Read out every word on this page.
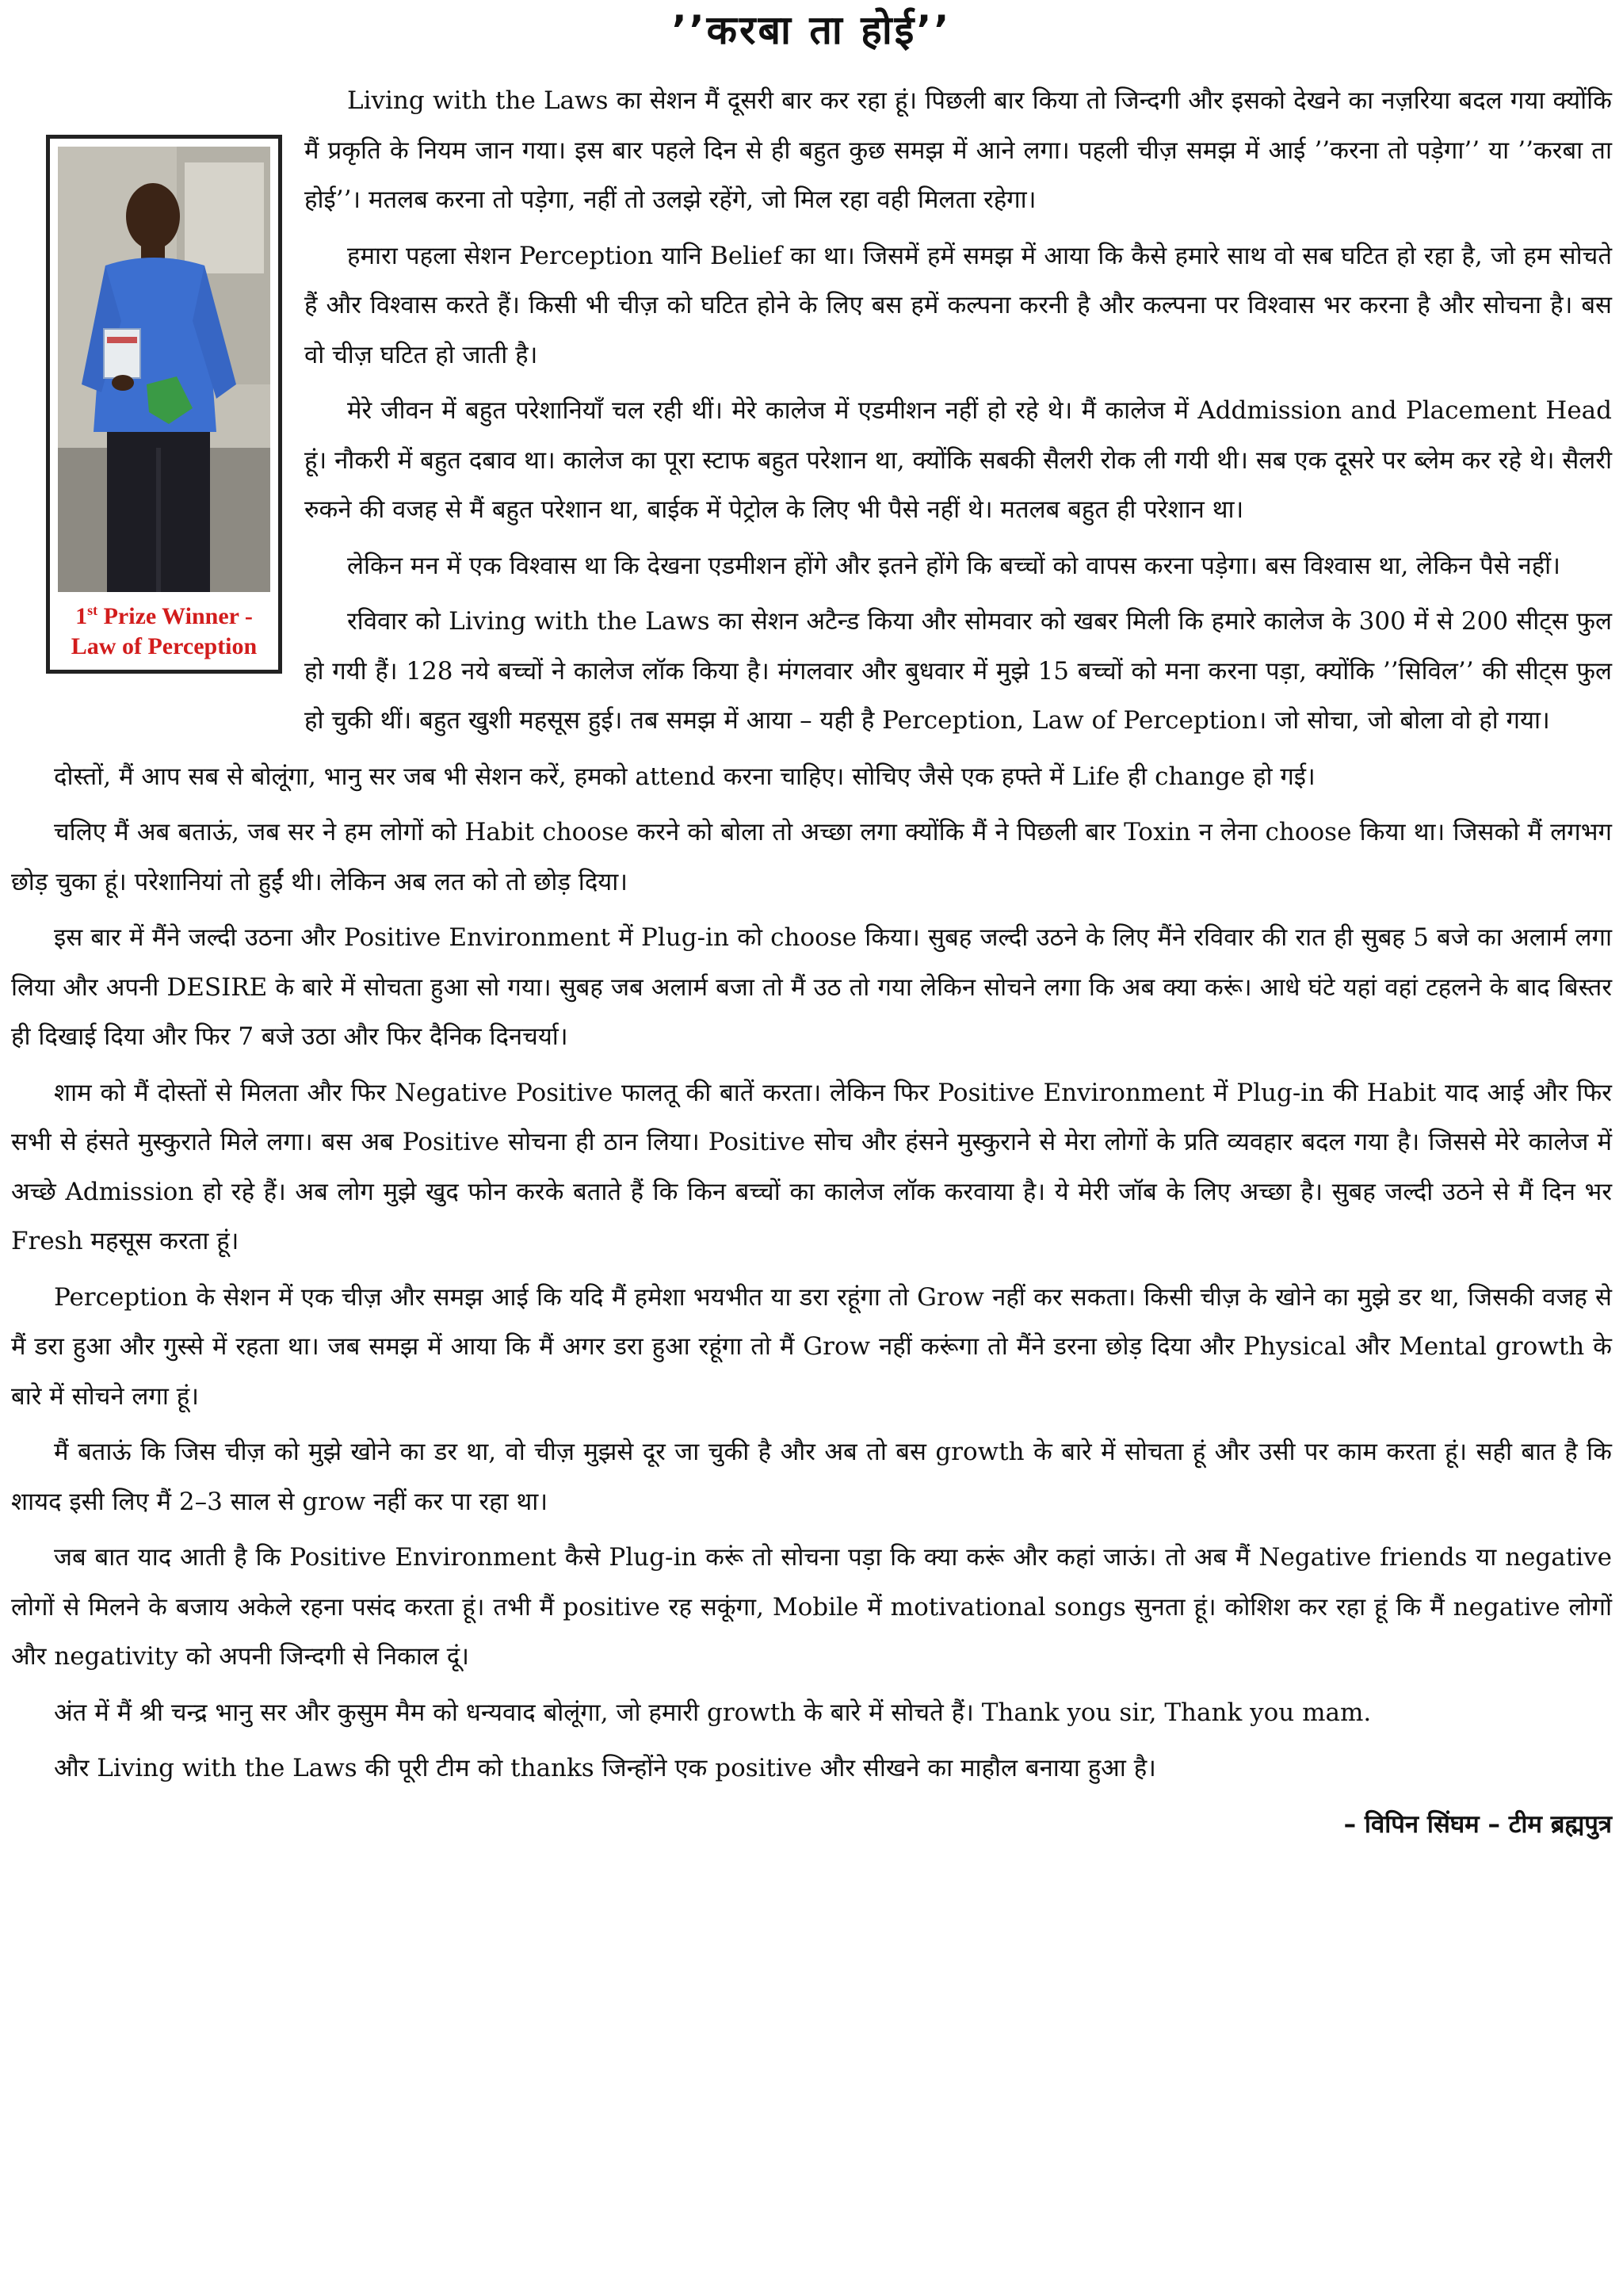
’’करबा ता होई’’
1st Prize Winner -
Law of Perception

Living with the Laws का सेशन मैं दूसरी बार कर रहा हूं। पिछली बार किया तो जिन्दगी और इसको देखने का नज़रिया बदल गया क्योंकि मैं प्रकृति के नियम जान गया। इस बार पहले दिन से ही बहुत कुछ समझ में आने लगा। पहली चीज़ समझ में आई ’’करना तो पड़ेगा’’ या ’’करबा ता होई’’। मतलब करना तो पड़ेगा, नहीं तो उलझे रहेंगे, जो मिल रहा वही मिलता रहेगा।

हमारा पहला सेशन Perception यानि Belief का था। जिसमें हमें समझ में आया कि कैसे हमारे साथ वो सब घटित हो रहा है, जो हम सोचते हैं और विश्वास करते हैं। किसी भी चीज़ को घटित होने के लिए बस हमें कल्पना करनी है और कल्पना पर विश्वास भर करना है और सोचना है। बस वो चीज़ घटित हो जाती है।

मेरे जीवन में बहुत परेशानियाँ चल रही थीं। मेरे कालेज में एडमीशन नहीं हो रहे थे। मैं कालेज में Addmission and Placement Head हूं। नौकरी में बहुत दबाव था। कालेज का पूरा स्टाफ बहुत परेशान था, क्योंकि सबकी सैलरी रोक ली गयी थी। सब एक दूसरे पर ब्लेम कर रहे थे। सैलरी रुकने की वजह से मैं बहुत परेशान था, बाईक में पेट्रोल के लिए भी पैसे नहीं थे। मतलब बहुत ही परेशान था।

लेकिन मन में एक विश्वास था कि देखना एडमीशन होंगे और इतने होंगे कि बच्चों को वापस करना पड़ेगा। बस विश्वास था, लेकिन पैसे नहीं।

रविवार को Living with the Laws का सेशन अटैन्ड किया और सोमवार को खबर मिली कि हमारे कालेज के 300 में से 200 सीट्स फुल हो गयी हैं। 128 नये बच्चों ने कालेज लॉक किया है। मंगलवार और बुधवार में मुझे 15 बच्चों को मना करना पड़ा, क्योंकि ’’सिविल’’ की सीट्स फुल हो चुकी थीं। बहुत खुशी महसूस हुई। तब समझ में आया – यही है Perception, Law of Perception। जो सोचा, जो बोला वो हो गया।

दोस्तों, मैं आप सब से बोलूंगा, भानु सर जब भी सेशन करें, हमको attend करना चाहिए। सोचिए जैसे एक हफ्ते में Life ही change हो गई।

चलिए मैं अब बताऊं, जब सर ने हम लोगों को Habit choose करने को बोला तो अच्छा लगा क्योंकि मैं ने पिछली बार Toxin न लेना choose किया था। जिसको मैं लगभग छोड़ चुका हूं। परेशानियां तो हुईं थी। लेकिन अब लत को तो छोड़ दिया।

इस बार में मैंने जल्दी उठना और Positive Environment में Plug-in को choose किया। सुबह जल्दी उठने के लिए मैंने रविवार की रात ही सुबह 5 बजे का अलार्म लगा लिया और अपनी DESIRE के बारे में सोचता हुआ सो गया। सुबह जब अलार्म बजा तो मैं उठ तो गया लेकिन सोचने लगा कि अब क्या करूं। आधे घंटे यहां वहां टहलने के बाद बिस्तर ही दिखाई दिया और फिर 7 बजे उठा और फिर दैनिक दिनचर्या।

शाम को मैं दोस्तों से मिलता और फिर Negative Positive फालतू की बातें करता। लेकिन फिर Positive Environment में Plug-in की Habit याद आई और फिर सभी से हंसते मुस्कुराते मिले लगा। बस अब Positive सोचना ही ठान लिया। Positive सोच और हंसने मुस्कुराने से मेरा लोगों के प्रति व्यवहार बदल गया है। जिससे मेरे कालेज में अच्छे Admission हो रहे हैं। अब लोग मुझे खुद फोन करके बताते हैं कि किन बच्चों का कालेज लॉक करवाया है। ये मेरी जॉब के लिए अच्छा है। सुबह जल्दी उठने से मैं दिन भर Fresh महसूस करता हूं।

Perception के सेशन में एक चीज़ और समझ आई कि यदि मैं हमेशा भयभीत या डरा रहूंगा तो Grow नहीं कर सकता। किसी चीज़ के खोने का मुझे डर था, जिसकी वजह से मैं डरा हुआ और गुस्से में रहता था। जब समझ में आया कि मैं अगर डरा हुआ रहूंगा तो मैं Grow नहीं करूंगा तो मैंने डरना छोड़ दिया और Physical और Mental growth के बारे में सोचने लगा हूं।

मैं बताऊं कि जिस चीज़ को मुझे खोने का डर था, वो चीज़ मुझसे दूर जा चुकी है और अब तो बस growth के बारे में सोचता हूं और उसी पर काम करता हूं। सही बात है कि शायद इसी लिए मैं 2–3 साल से grow नहीं कर पा रहा था।

जब बात याद आती है कि Positive Environment कैसे Plug-in करूं तो सोचना पड़ा कि क्या करूं और कहां जाऊं। तो अब मैं Negative friends या negative लोगों से मिलने के बजाय अकेले रहना पसंद करता हूं। तभी मैं positive रह सकूंगा, Mobile में motivational songs सुनता हूं। कोशिश कर रहा हूं कि मैं negative लोगों और negativity को अपनी जिन्दगी से निकाल दूं।

अंत में मैं श्री चन्द्र भानु सर और कुसुम मैम को धन्यवाद बोलूंगा, जो हमारी growth के बारे में सोचते हैं। Thank you sir, Thank you mam.

और Living with the Laws की पूरी टीम को thanks जिन्होंने एक positive और सीखने का माहौल बनाया हुआ है।

– विपिन सिंघम – टीम ब्रह्मपुत्र
